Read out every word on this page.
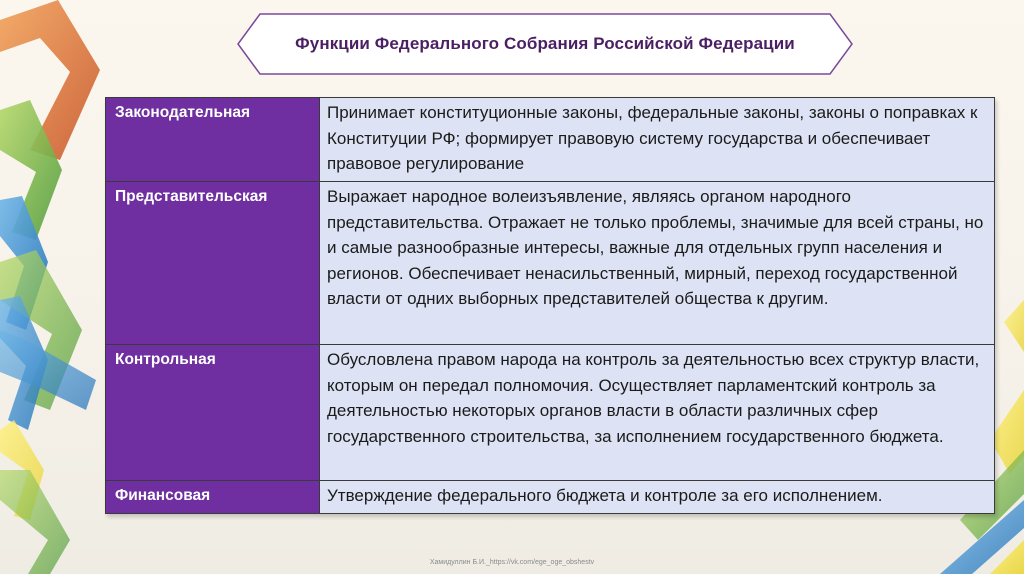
Функции Федерального Собрания Российской Федерации
Законодательная	Принимает конституционные законы, федеральные законы, законы о поправках к Конституции РФ; формирует правовую систему государства и обеспечивает правовое регулирование
Представительская	Выражает народное волеизъявление, являясь органом народного представительства. Отражает не только проблемы, значимые для всей страны, но и самые разнообразные интересы, важные для отдельных групп населения и регионов. Обеспечивает ненасильственный, мирный, переход государственной власти от одних выборных представителей общества к другим.
Контрольная	Обусловлена правом народа на контроль за деятельностью всех структур власти, которым он передал полномочия. Осуществляет парламентский контроль за деятельностью некоторых органов власти в области различных сфер государственного строительства, за исполнением государственного бюджета.
Финансовая	Утверждение федерального бюджета и контроле за его исполнением.
Хамидуллин Б.И._https://vk.com/ege_oge_obshestv
